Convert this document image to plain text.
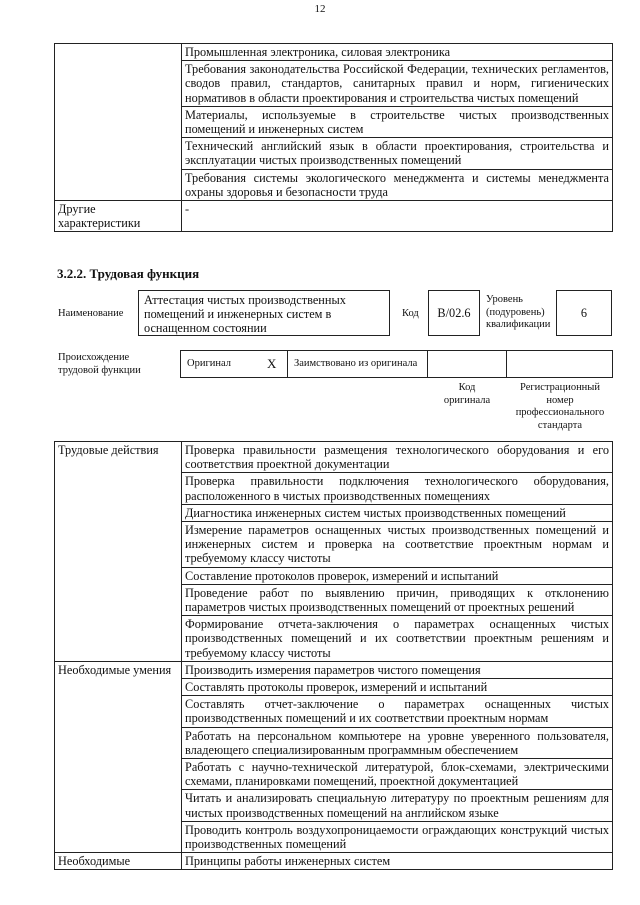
12
	Промышленная электроника, силовая электроника
	Требования законодательства Российской Федерации, технических регламентов, сводов правил, стандартов, санитарных правил и норм, гигиенических нормативов в области проектирования и строительства чистых помещений
	Материалы, используемые в строительстве чистых производственных помещений и инженерных систем
	Технический английский язык в области проектирования, строительства и эксплуатации чистых производственных помещений
	Требования системы экологического менеджмента и системы менеджмента охраны здоровья и безопасности труда
Другие характеристики	-
3.2.2. Трудовая функция
Наименование
Аттестация чистых производственных помещений и инженерных систем в оснащенном состоянии
Код	B/02.6
Уровень (подуровень) квалификации
6
Происхождение трудовой функции
Оригинал	X Заимствовано из оригинала
Код оригинала
Регистрационный номер профессионального стандарта
Трудовые действия	Проверка правильности размещения технологического оборудования и его соответствия проектной документации
	Проверка правильности подключения технологического оборудования, расположенного в чистых производственных помещениях
	Диагностика инженерных систем чистых производственных помещений
	Измерение параметров оснащенных чистых производственных помещений и инженерных систем и проверка на соответствие проектным нормам и требуемому классу чистоты
	Составление протоколов проверок, измерений и испытаний
	Проведение работ по выявлению причин, приводящих к отклонению параметров чистых производственных помещений от проектных решений
	Формирование отчета-заключения о параметрах оснащенных чистых производственных помещений и их соответствии проектным решениям и требуемому классу чистоты
Необходимые умения	Производить измерения параметров чистого помещения
	Составлять протоколы проверок, измерений и испытаний
	Составлять отчет-заключение о параметрах оснащенных чистых производственных помещений и их соответствии проектным нормам
	Работать на персональном компьютере на уровне уверенного пользователя, владеющего специализированным программным обеспечением
	Работать с научно-технической литературой, блок-схемами, электрическими схемами, планировками помещений, проектной документацией
	Читать и анализировать специальную литературу по проектным решениям для чистых производственных помещений на английском языке
	Проводить контроль воздухопроницаемости ограждающих конструкций чистых производственных помещений
Необходимые	Принципы работы инженерных систем
